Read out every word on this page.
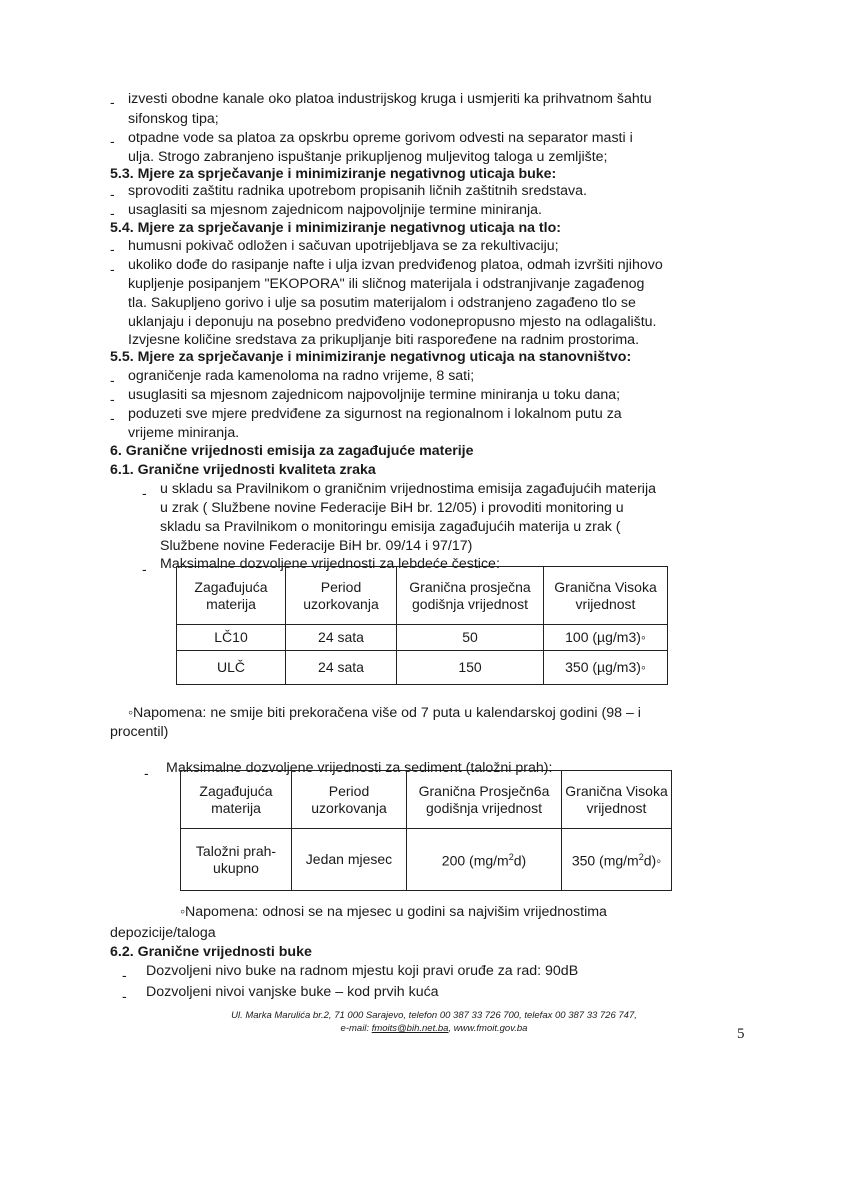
- izvesti obodne kanale oko platoa industrijskog kruga i usmjeriti ka prihvatnom šahtu
sifonskog tipa;
- otpadne vode sa platoa za opskrbu opreme gorivom odvesti na separator masti i
ulja. Strogo zabranjeno ispuštanje prikupljenog muljevitog taloga u zemljište;
5.3. Mjere za sprječavanje i minimiziranje negativnog uticaja buke:
- sprovoditi zaštitu radnika upotrebom propisanih ličnih zaštitnih sredstava.
- usaglasiti sa mjesnom zajednicom najpovoljnije termine miniranja.
5.4. Mjere za sprječavanje i minimiziranje negativnog uticaja na tlo:
- humusni pokivač odložen i sačuvan upotrijebljava se za rekultivaciju;
- ukoliko dođe do rasipanje nafte i ulja izvan predviđenog platoa, odmah izvršiti njihovo
kupljenje posipanjem "EKOPORA" ili sličnog materijala i odstranjivanje zagađenog
tla. Sakupljeno gorivo i ulje sa posutim materijalom i odstranjeno zagađeno tlo se
uklanjaju i deponuju na posebno predviđeno vodonepropusno mjesto na odlagalištu.
Izvjesne količine sredstava za prikupljanje biti raspoređene na radnim prostorima.
5.5. Mjere za sprječavanje i minimiziranje negativnog uticaja na stanovništvo:
- ograničenje rada kamenoloma na radno vrijeme, 8 sati;
- usuglasiti sa mjesnom zajednicom najpovoljnije termine miniranja u toku dana;
- poduzeti sve mjere predviđene za sigurnost na regionalnom i lokalnom putu za
vrijeme miniranja.
6. Granične vrijednosti emisija za zagađujuće materije
6.1. Granične vrijednosti kvaliteta zraka
- u skladu sa Pravilnikom o graničnim vrijednostima emisija zagađujućih materija
u zrak ( Službene novine Federacije BiH br. 12/05) i provoditi monitoring u
skladu sa Pravilnikom o monitoringu emisija zagađujućih materija u zrak (
Službene novine Federacije BiH br. 09/14 i 97/17)
- Maksimalne dozvoljene vrijednosti za lebdeće čestice:
Zagađujuća materija	Period uzorkovanja	Granična prosječna godišnja vrijednost	Granična Visoka vrijednost
LČ10	24 sata	50	100 (µg/m3)◦
ULČ	24 sata	150	350 (µg/m3)◦
◦Napomena: ne smije biti prekoračena više od 7 puta u kalendarskoj godini (98 – i
procentil)
- Maksimalne dozvoljene vrijednosti za sediment (taložni prah):
Zagađujuća materija	Period uzorkovanja	Granična Prosječn6a godišnja vrijednost	Granična Visoka vrijednost
Taložni prah- ukupno	Jedan mjesec	200 $(mg/m^2d)$	350 $(mg/m^2d)◦$
◦Napomena: odnosi se na mjesec u godini sa najvišim vrijednostima
depozicije/taloga
6.2. Granične vrijednosti buke
- Dozvoljeni nivo buke na radnom mjestu koji pravi oruđe za rad: 90dB
- Dozvoljeni nivoi vanjske buke – kod prvih kuća
Ul. Marka Marulića br.2, 71 000 Sarajevo, telefon 00 387 33 726 700, telefax 00 387 33 726 747,
e-mail: fmoits@bih.net.ba, www.fmoit.gov.ba	5
